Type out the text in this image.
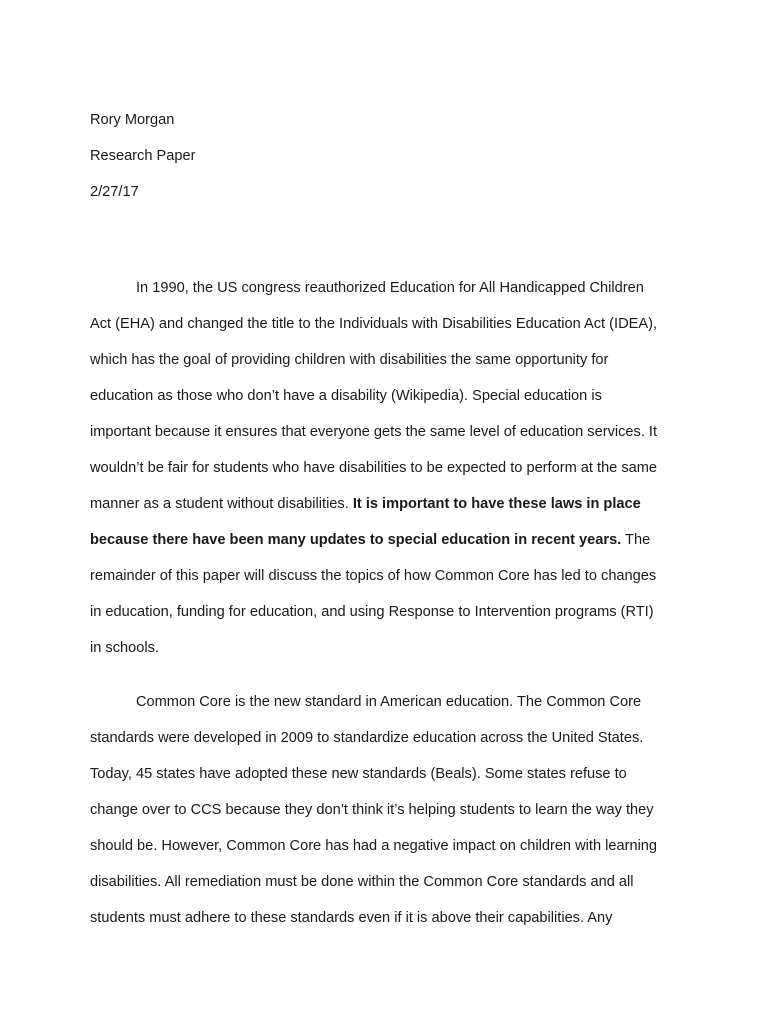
Rory Morgan
Research Paper
2/27/17
In 1990, the US congress reauthorized Education for All Handicapped Children
Act (EHA) and changed the title to the Individuals with Disabilities Education Act (IDEA),
which has the goal of providing children with disabilities the same opportunity for
education as those who don’t have a disability (Wikipedia). Special education is
important because it ensures that everyone gets the same level of education services. It
wouldn’t be fair for students who have disabilities to be expected to perform at the same
manner as a student without disabilities. It is important to have these laws in place
because there have been many updates to special education in recent years. The
remainder of this paper will discuss the topics of how Common Core has led to changes
in education, funding for education, and using Response to Intervention programs (RTI)
in schools.
Common Core is the new standard in American education. The Common Core
standards were developed in 2009 to standardize education across the United States.
Today, 45 states have adopted these new standards (Beals). Some states refuse to
change over to CCS because they don’t think it’s helping students to learn the way they
should be. However, Common Core has had a negative impact on children with learning
disabilities. All remediation must be done within the Common Core standards and all
students must adhere to these standards even if it is above their capabilities. Any
